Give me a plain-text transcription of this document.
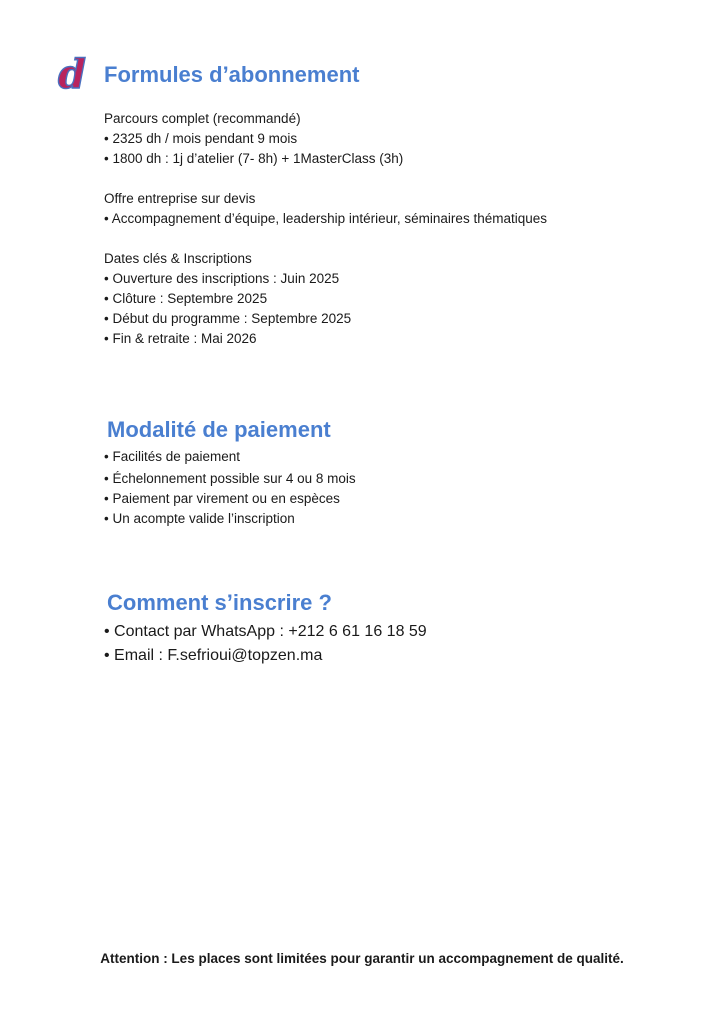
d Formules d’abonnement
Parcours complet (recommandé)
• 2325 dh / mois pendant 9 mois
• 1800 dh : 1j d’atelier (7- 8h) + 1MasterClass (3h)
Offre entreprise sur devis
• Accompagnement d’équipe, leadership intérieur, séminaires thématiques
Dates clés & Inscriptions
• Ouverture des inscriptions : Juin 2025
• Clôture : Septembre 2025
• Début du programme : Septembre 2025
• Fin & retraite : Mai 2026
Modalité de paiement
• Facilités de paiement
• Échelonnement possible sur 4 ou 8 mois
• Paiement par virement ou en espèces
• Un acompte valide l’inscription
Comment s’inscrire ?
• Contact par WhatsApp : +212 6 61 16 18 59
• Email : F.sefrioui@topzen.ma
Attention : Les places sont limitées pour garantir un accompagnement de qualité.
